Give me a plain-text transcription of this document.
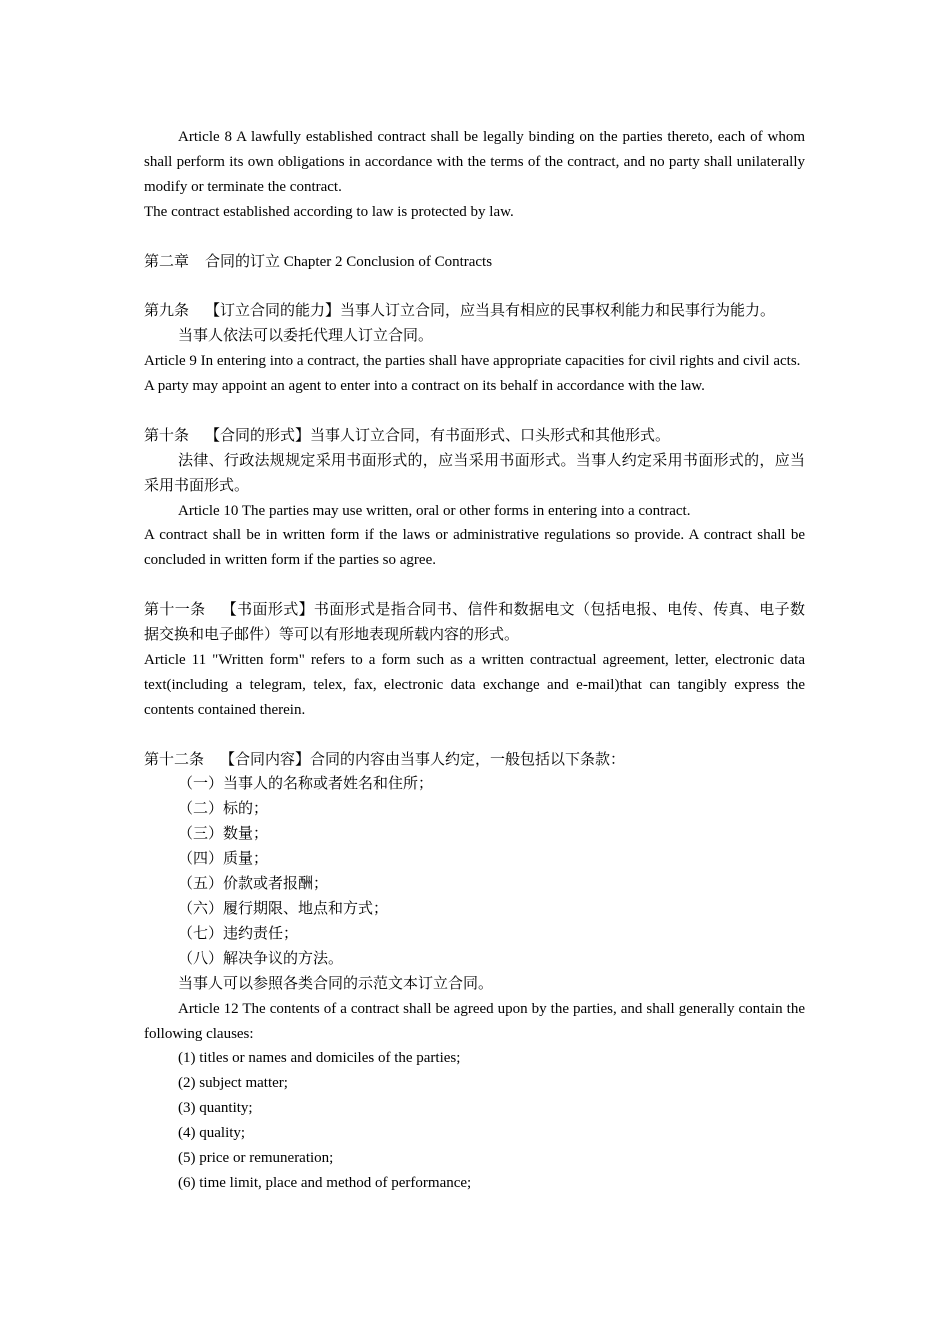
Article 8 A lawfully established contract shall be legally binding on the parties thereto, each of whom shall perform its own obligations in accordance with the terms of the contract, and no party shall unilaterally modify or terminate the contract.

The contract established according to law is protected by law.

第二章 合同的订立 Chapter 2 Conclusion of Contracts

第九条 【订立合同的能力】当事人订立合同，应当具有相应的民事权利能力和民事行为能力。

当事人依法可以委托代理人订立合同。

Article 9 In entering into a contract, the parties shall have appropriate capacities for civil rights and civil acts.

A party may appoint an agent to enter into a contract on its behalf in accordance with the law.

第十条 【合同的形式】当事人订立合同，有书面形式、口头形式和其他形式。

法律、行政法规规定采用书面形式的，应当采用书面形式。当事人约定采用书面形式的，应当采用书面形式。

Article 10 The parties may use written, oral or other forms in entering into a contract.

A contract shall be in written form if the laws or administrative regulations so provide. A contract shall be concluded in written form if the parties so agree.

第十一条 【书面形式】书面形式是指合同书、信件和数据电文（包括电报、电传、传真、电子数据交换和电子邮件）等可以有形地表现所载内容的形式。

Article 11 "Written form" refers to a form such as a written contractual agreement, letter, electronic data text(including a telegram, telex, fax, electronic data exchange and e-mail)that can tangibly express the contents contained therein.

第十二条 【合同内容】合同的内容由当事人约定，一般包括以下条款：

（一）当事人的名称或者姓名和住所；

（二）标的；

（三）数量；

（四）质量；

（五）价款或者报酬；

（六）履行期限、地点和方式；

（七）违约责任；

（八）解决争议的方法。

当事人可以参照各类合同的示范文本订立合同。

Article 12 The contents of a contract shall be agreed upon by the parties, and shall generally contain the following clauses:

(1) titles or names and domiciles of the parties;

(2) subject matter;

(3) quantity;

(4) quality;

(5) price or remuneration;

(6) time limit, place and method of performance;
